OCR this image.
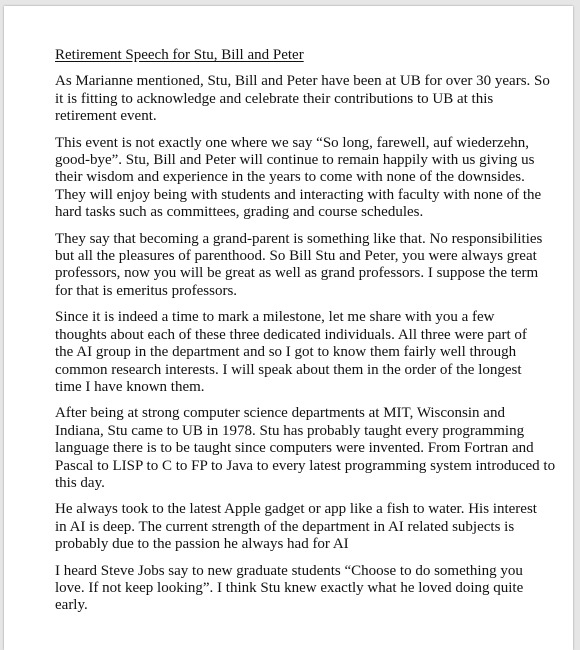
Retirement Speech for Stu, Bill and Peter
As Marianne mentioned, Stu, Bill and Peter have been at UB for over 30 years. So
it is fitting to acknowledge and celebrate their contributions to UB at this
retirement event.
This event is not exactly one where we say “So long, farewell, auf wiederzehn,
good-bye”. Stu, Bill and Peter will continue to remain happily with us giving us
their wisdom and experience in the years to come with none of the downsides.
They will enjoy being with students and interacting with faculty with none of the
hard tasks such as committees, grading and course schedules.
They say that becoming a grand-parent is something like that. No responsibilities
but all the pleasures of parenthood. So Bill Stu and Peter, you were always great
professors, now you will be great as well as grand professors. I suppose the term
for that is emeritus professors.
Since it is indeed a time to mark a milestone, let me share with you a few
thoughts about each of these three dedicated individuals. All three were part of
the AI group in the department and so I got to know them fairly well through
common research interests. I will speak about them in the order of the longest
time I have known them.
After being at strong computer science departments at MIT, Wisconsin and
Indiana, Stu came to UB in 1978. Stu has probably taught every programming
language there is to be taught since computers were invented. From Fortran and
Pascal to LISP to C to FP to Java to every latest programming system introduced to
this day.
He always took to the latest Apple gadget or app like a fish to water. His interest
in AI is deep. The current strength of the department in AI related subjects is
probably due to the passion he always had for AI
I heard Steve Jobs say to new graduate students “Choose to do something you
love. If not keep looking”. I think Stu knew exactly what he loved doing quite
early.
